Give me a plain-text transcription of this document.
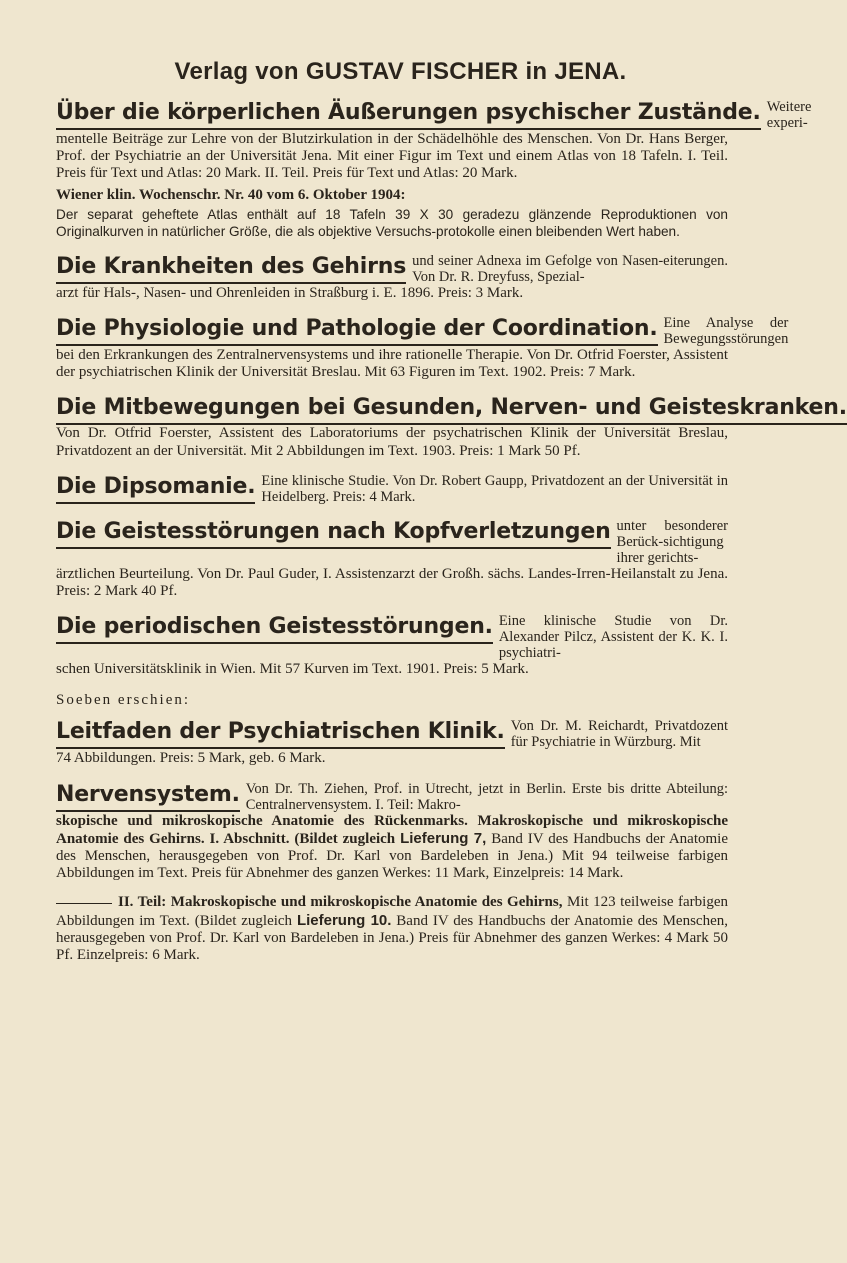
Verlag von GUSTAV FISCHER in JENA.
Über die körperlichen Äußerungen psychischer Zustände. Weitere experi-
mentelle Beiträge zur Lehre von der Blutzirkulation in der Schädelhöhle des Menschen. Von Dr. Hans Berger, Prof. der Psychiatrie an der Universität Jena. Mit einer Figur im Text und einem Atlas von 18 Tafeln. I. Teil. Preis für Text und Atlas: 20 Mark. II. Teil. Preis für Text und Atlas: 20 Mark.
Wiener klin. Wochenschr. Nr. 40 vom 6. Oktober 1904:
Der separat geheftete Atlas enthält auf 18 Tafeln 39 X 30 geradezu glänzende Reproduktionen von Originalkurven in natürlicher Größe, die als objektive Versuchs-protokolle einen bleibenden Wert haben.
Die Krankheiten des Gehirns und seiner Adnexa im Gefolge von Nasen-eiterungen. Von Dr. R. Dreyfuss, Spezial-
arzt für Hals-, Nasen- und Ohrenleiden in Straßburg i. E. 1896. Preis: 3 Mark.
Die Physiologie und Pathologie der Coordination. Eine Analyse der Bewegungsstörungen
bei den Erkrankungen des Zentralnervensystems und ihre rationelle Therapie. Von Dr. Otfrid Foerster, Assistent der psychiatrischen Klinik der Universität Breslau. Mit 63 Figuren im Text. 1902. Preis: 7 Mark.
Die Mitbewegungen bei Gesunden, Nerven- und Geisteskranken.
Von Dr. Otfrid Foerster, Assistent des Laboratoriums der psychatrischen Klinik der Universität Breslau, Privatdozent an der Universität. Mit 2 Abbildungen im Text. 1903. Preis: 1 Mark 50 Pf.
Die Dipsomanie. Eine klinische Studie. Von Dr. Robert Gaupp, Privatdozent an der Universität in Heidelberg. Preis: 4 Mark.
Die Geistesstörungen nach Kopfverletzungen unter besonderer Berück-sichtigung ihrer gerichts-
ärztlichen Beurteilung. Von Dr. Paul Guder, I. Assistenzarzt der Großh. sächs. Landes-Irren-Heilanstalt zu Jena. Preis: 2 Mark 40 Pf.
Die periodischen Geistesstörungen. Eine klinische Studie von Dr. Alexander Pilcz, Assistent der K. K. I. psychiatri-
schen Universitätsklinik in Wien. Mit 57 Kurven im Text. 1901. Preis: 5 Mark.
Soeben erschien:
Leitfaden der Psychiatrischen Klinik. Von Dr. M. Reichardt, Privatdozent für Psychiatrie in Würzburg. Mit
74 Abbildungen. Preis: 5 Mark, geb. 6 Mark.
Nervensystem. Von Dr. Th. Ziehen, Prof. in Utrecht, jetzt in Berlin. Erste bis dritte Abteilung: Centralnervensystem. I. Teil: Makro-
skopische und mikroskopische Anatomie des Rückenmarks. Makroskopische und mikroskopische Anatomie des Gehirns. I. Abschnitt. (Bildet zugleich Lieferung 7, Band IV des Handbuchs der Anatomie des Menschen, herausgegeben von Prof. Dr. Karl von Bardeleben in Jena.) Mit 94 teilweise farbigen Abbildungen im Text. Preis für Abnehmer des ganzen Werkes: 11 Mark, Einzelpreis: 14 Mark.
II. Teil: Makroskopische und mikroskopische Anatomie des Gehirns, Mit 123 teilweise farbigen Abbildungen im Text. (Bildet zugleich Lieferung 10. Band IV des Handbuchs der Anatomie des Menschen, herausgegeben von Prof. Dr. Karl von Bardeleben in Jena.) Preis für Abnehmer des ganzen Werkes: 4 Mark 50 Pf. Einzelpreis: 6 Mark.
